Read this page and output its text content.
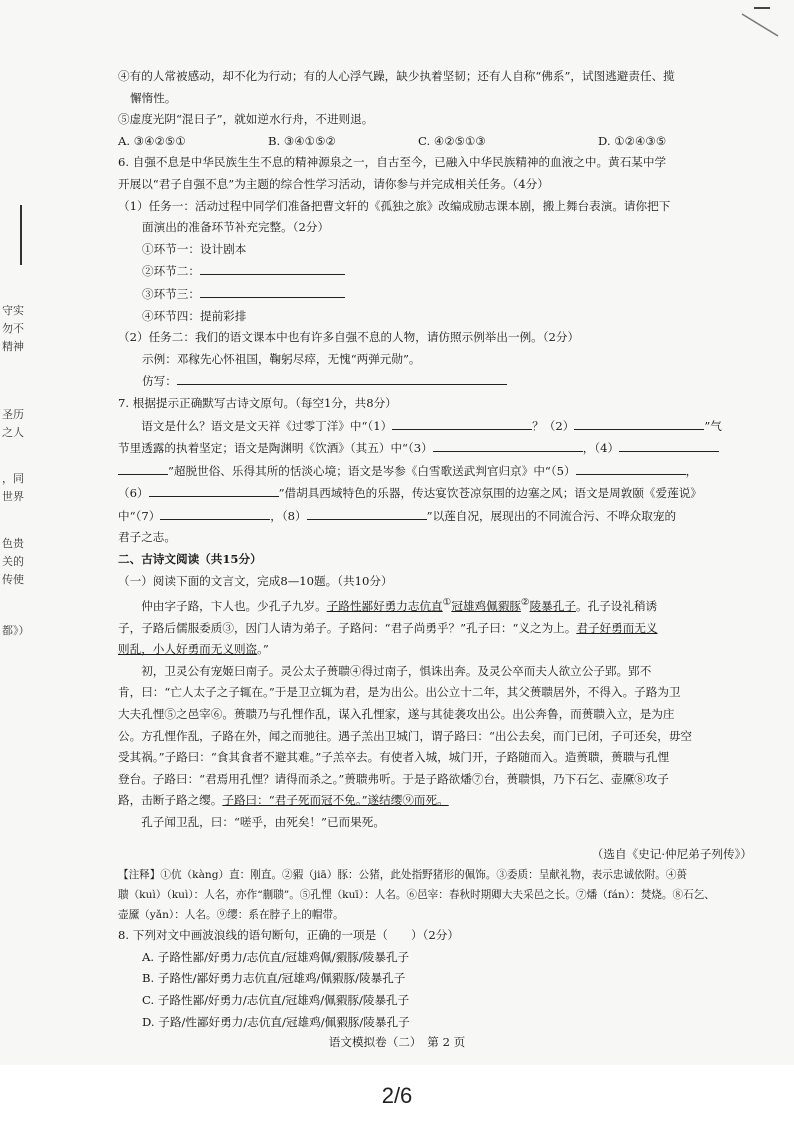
守实
勿不
精神
圣历
之人
，同
世界
色贵
关的
传使
都》）

④有的人常被感动，却不化为行动；有的人心浮气躁，缺少执着坚韧；还有人自称“佛系”，试图逃避责任、揽

懈惰性。

⑤虚度光阴“混日子”，就如逆水行舟，不进则退。

A. ③④②⑤①	B. ③④①⑤②	C. ④②⑤①③	D. ①②④③⑤

6. 自强不息是中华民族生生不息的精神源泉之一，自古至今，已融入中华民族精神的血液之中。黄石某中学

开展以“君子自强不息”为主题的综合性学习活动，请你参与并完成相关任务。（4分）

（1）任务一：活动过程中同学们准备把曹文轩的《孤独之旅》改编成励志课本剧，搬上舞台表演。请你把下

面演出的准备环节补充完整。（2分）

①环节一：设计剧本

②环节二：

③环节三：

④环节四：提前彩排

（2）任务二：我们的语文课本中也有许多自强不息的人物，请仿照示例举出一例。（2分）

示例：邓稼先心怀祖国，鞠躬尽瘁，无愧“两弹元勋”。

仿写：

7. 根据提示正确默写古诗文原句。（每空1分，共8分）

语文是什么？语文是文天祥《过零丁洋》中“（1）	？（2）	”气

节里透露的执着坚定；语文是陶渊明《饮酒》（其五）中“（3）	，（4）

”超脱世俗、乐得其所的恬淡心境；语文是岑参《白雪歌送武判官归京》中“（5）	，

（6）	”借胡具西域特色的乐器，传达宴饮苍凉氛围的边塞之风；语文是周敦颐《爱莲说》

中“（7）	，（8）	”以莲自况，展现出的不同流合污、不哗众取宠的

君子之志。

二、古诗文阅读（共15分）

（一）阅读下面的文言文，完成8—10题。（共10分）

仲由字子路，卞人也。少孔子九岁。子路性鄙好勇力志伉直①冠雄鸡佩豭豚②陵暴孔子。孔子设礼稍诱

子，子路后儒服委质③，因门人请为弟子。子路问：“君子尚勇乎？”孔子曰：“义之为上。君子好勇而无义

则乱，小人好勇而无义则盗。”

初，卫灵公有宠姬曰南子。灵公太子蒉聩④得过南子，惧诛出奔。及灵公卒而夫人欲立公子郢。郢不

肯，曰：“亡人太子之子辄在。”于是卫立辄为君，是为出公。出公立十二年，其父蒉聩居外，不得入。子路为卫

大夫孔悝⑤之邑宰⑥。蒉聩乃与孔悝作乱，谋入孔悝家，遂与其徒袭攻出公。出公奔鲁，而蒉聩入立，是为庄

公。方孔悝作乱，子路在外，闻之而驰往。遇子羔出卫城门，谓子路曰：“出公去矣，而门已闭，子可还矣，毋空

受其祸。”子路曰：“食其食者不避其难。”子羔卒去。有使者入城，城门开，子路随而入。造蒉聩，蒉聩与孔悝

登台。子路曰：“君焉用孔悝？请得而杀之。”蒉聩弗听。于是子路欲燔⑦台，蒉聩惧，乃下石乞、壶黡⑧攻子

路，击断子路之缨。子路曰：“君子死而冠不免。”遂结缨⑨而死。

孔子闻卫乱，曰：“嗟乎，由死矣！”已而果死。

（选自《史记·仲尼弟子列传》）

【注释】①伉（kàng）直：刚直。②豭（jiā）豚：公猪，此处指野猪形的佩饰。③委质：呈献礼物，表示忠诚依附。④蒉

聩（kuì）（kuì）：人名，亦作“蒯聩”。⑤孔悝（kuī）：人名。⑥邑宰：春秋时期卿大夫采邑之长。⑦燔（fán）：焚烧。⑧石乞、

壶黡（yǎn）：人名。⑨缨：系在脖子上的帽带。

8. 下列对文中画波浪线的语句断句，正确的一项是（　　）（2分）

A. 子路性鄙/好勇力/志伉直/冠雄鸡佩/豭豚/陵暴孔子

B. 子路性/鄙好勇力志伉直/冠雄鸡/佩豭豚/陵暴孔子

C. 子路性鄙/好勇力/志伉直/冠雄鸡/佩豭豚/陵暴孔子

D. 子路/性鄙好勇力/志伉直/冠雄鸡/佩豭豚/陵暴孔子

语文模拟卷（二）　第 2 页
2/6
